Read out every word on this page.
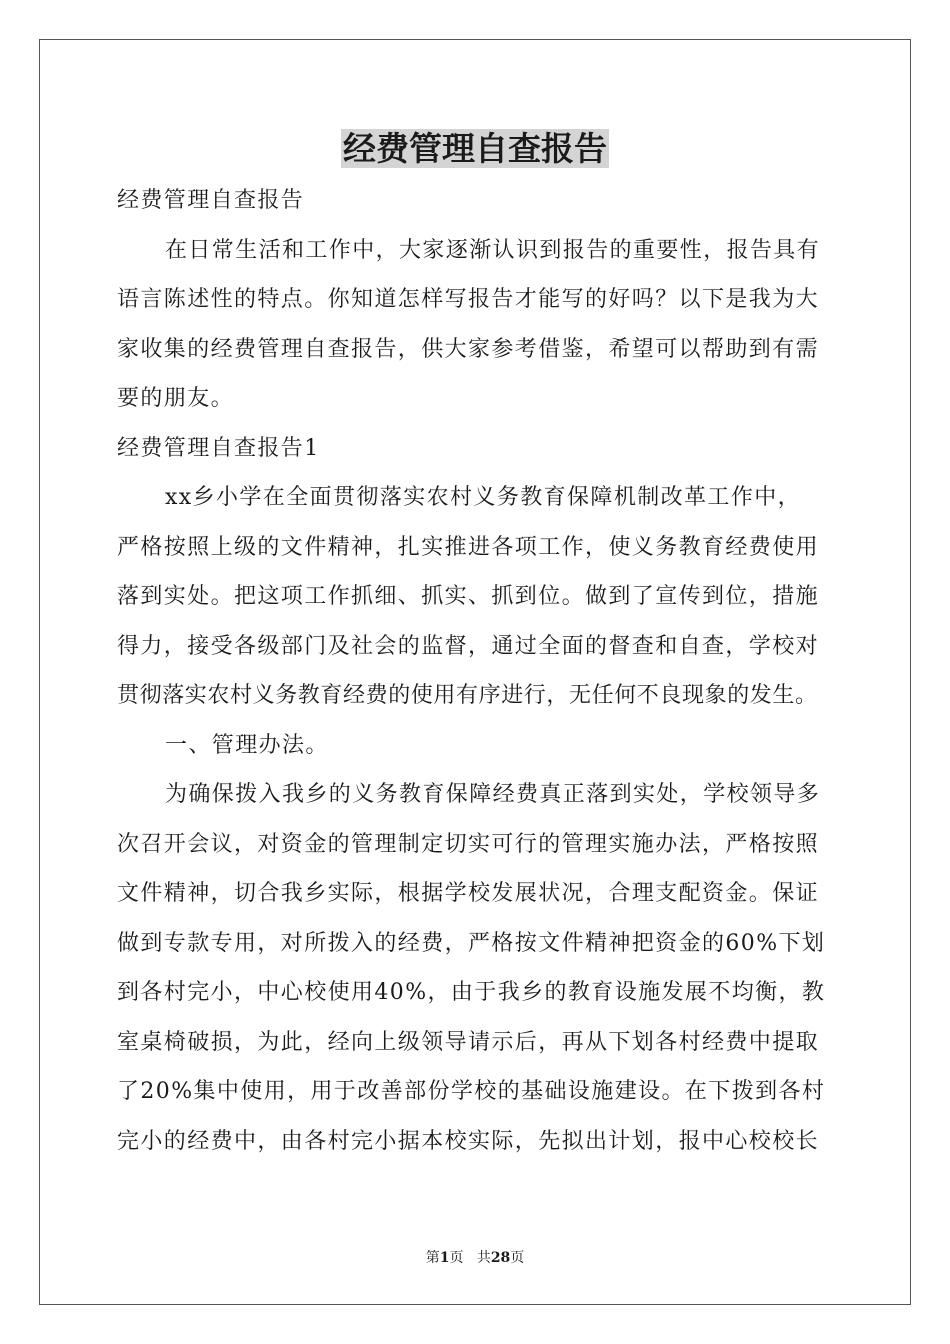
经费管理自查报告
经费管理自查报告
在日常生活和工作中，大家逐渐认识到报告的重要性，报告具有
语言陈述性的特点。你知道怎样写报告才能写的好吗？以下是我为大
家收集的经费管理自查报告，供大家参考借鉴，希望可以帮助到有需
要的朋友。
经费管理自查报告1
xx乡小学在全面贯彻落实农村义务教育保障机制改革工作中，
严格按照上级的文件精神，扎实推进各项工作，使义务教育经费使用
落到实处。把这项工作抓细、抓实、抓到位。做到了宣传到位，措施
得力，接受各级部门及社会的监督，通过全面的督查和自查，学校对
贯彻落实农村义务教育经费的使用有序进行，无任何不良现象的发生。
一、管理办法。
为确保拨入我乡的义务教育保障经费真正落到实处，学校领导多
次召开会议，对资金的管理制定切实可行的管理实施办法，严格按照
文件精神，切合我乡实际，根据学校发展状况，合理支配资金。保证
做到专款专用，对所拨入的经费，严格按文件精神把资金的60%下划
到各村完小，中心校使用40%，由于我乡的教育设施发展不均衡，教
室桌椅破损，为此，经向上级领导请示后，再从下划各村经费中提取
了20%集中使用，用于改善部份学校的基础设施建设。在下拨到各村
完小的经费中，由各村完小据本校实际，先拟出计划，报中心校校长
第1页 共28页
